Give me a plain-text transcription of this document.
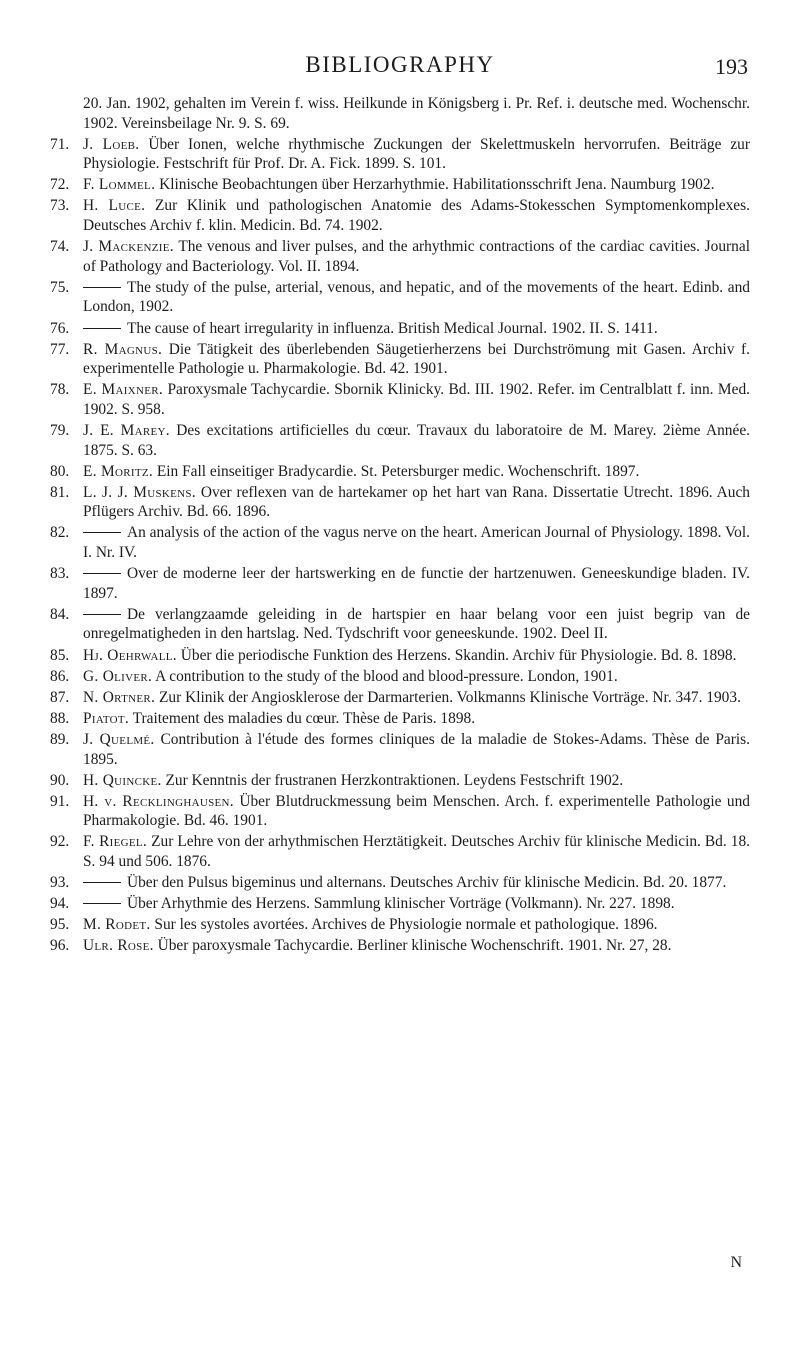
BIBLIOGRAPHY	193
20. Jan. 1902, gehalten im Verein f. wiss. Heilkunde in Königsberg i. Pr. Ref. i. deutsche med. Wochenschr. 1902. Vereinsbeilage Nr. 9. S. 69.
71. J. Loeb. Über Ionen, welche rhythmische Zuckungen der Skelettmuskeln hervorrufen. Beiträge zur Physiologie. Festschrift für Prof. Dr. A. Fick. 1899. S. 101.
72. F. Lommel. Klinische Beobachtungen über Herzarhythmie. Habilitationsschrift Jena. Naumburg 1902.
73. H. Luce. Zur Klinik und pathologischen Anatomie des Adams-Stokesschen Symptomenkomplexes. Deutsches Archiv f. klin. Medicin. Bd. 74. 1902.
74. J. Mackenzie. The venous and liver pulses, and the arhythmic contractions of the cardiac cavities. Journal of Pathology and Bacteriology. Vol. II. 1894.
75.	The study of the pulse, arterial, venous, and hepatic, and of the movements of the heart. Edinb. and London, 1902.
76.	The cause of heart irregularity in influenza. British Medical Journal. 1902. II. S. 1411.
77. R. Magnus. Die Tätigkeit des überlebenden Säugetierherzens bei Durchströmung mit Gasen. Archiv f. experimentelle Pathologie u. Pharmakologie. Bd. 42. 1901.
78. E. Maixner. Paroxysmale Tachycardie. Sbornik Klinicky. Bd. III. 1902. Refer. im Centralblatt f. inn. Med. 1902. S. 958.
79. J. E. Marey. Des excitations artificielles du cœur. Travaux du laboratoire de M. Marey. 2ième Année. 1875. S. 63.
80. E. Moritz. Ein Fall einseitiger Bradycardie. St. Petersburger medic. Wochenschrift. 1897.
81. L. J. J. Muskens. Over reflexen van de hartekamer op het hart van Rana. Dissertatie Utrecht. 1896. Auch Pflügers Archiv. Bd. 66. 1896.
82.	An analysis of the action of the vagus nerve on the heart. American Journal of Physiology. 1898. Vol. I. Nr. IV.
83.	Over de moderne leer der hartswerking en de functie der hartzenuwen. Geneeskundige bladen. IV. 1897.
84.	De verlangzaamde geleiding in de hartspier en haar belang voor een juist begrip van de onregelmatigheden in den hartslag. Ned. Tydschrift voor geneeskunde. 1902. Deel II.
85. Hj. Oehrwall. Über die periodische Funktion des Herzens. Skandin. Archiv für Physiologie. Bd. 8. 1898.
86. G. Oliver. A contribution to the study of the blood and blood-pressure. London, 1901.
87. N. Ortner. Zur Klinik der Angiosklerose der Darmarterien. Volkmanns Klinische Vorträge. Nr. 347. 1903.
88. Piatot. Traitement des maladies du cœur. Thèse de Paris. 1898.
89. J. Quelmé. Contribution à l'étude des formes cliniques de la maladie de Stokes-Adams. Thèse de Paris. 1895.
90. H. Quincke. Zur Kenntnis der frustranen Herzkontraktionen. Leydens Festschrift 1902.
91. H. v. Recklinghausen. Über Blutdruckmessung beim Menschen. Arch. f. experimentelle Pathologie und Pharmakologie. Bd. 46. 1901.
92. F. Riegel. Zur Lehre von der arhythmischen Herztätigkeit. Deutsches Archiv für klinische Medicin. Bd. 18. S. 94 und 506. 1876.
93.	Über den Pulsus bigeminus und alternans. Deutsches Archiv für klinische Medicin. Bd. 20. 1877.
94.	Über Arhythmie des Herzens. Sammlung klinischer Vorträge (Volkmann). Nr. 227. 1898.
95. M. Rodet. Sur les systoles avortées. Archives de Physiologie normale et pathologique. 1896.
96. Ulr. Rose. Über paroxysmale Tachycardie. Berliner klinische Wochenschrift. 1901. Nr. 27, 28.
N
